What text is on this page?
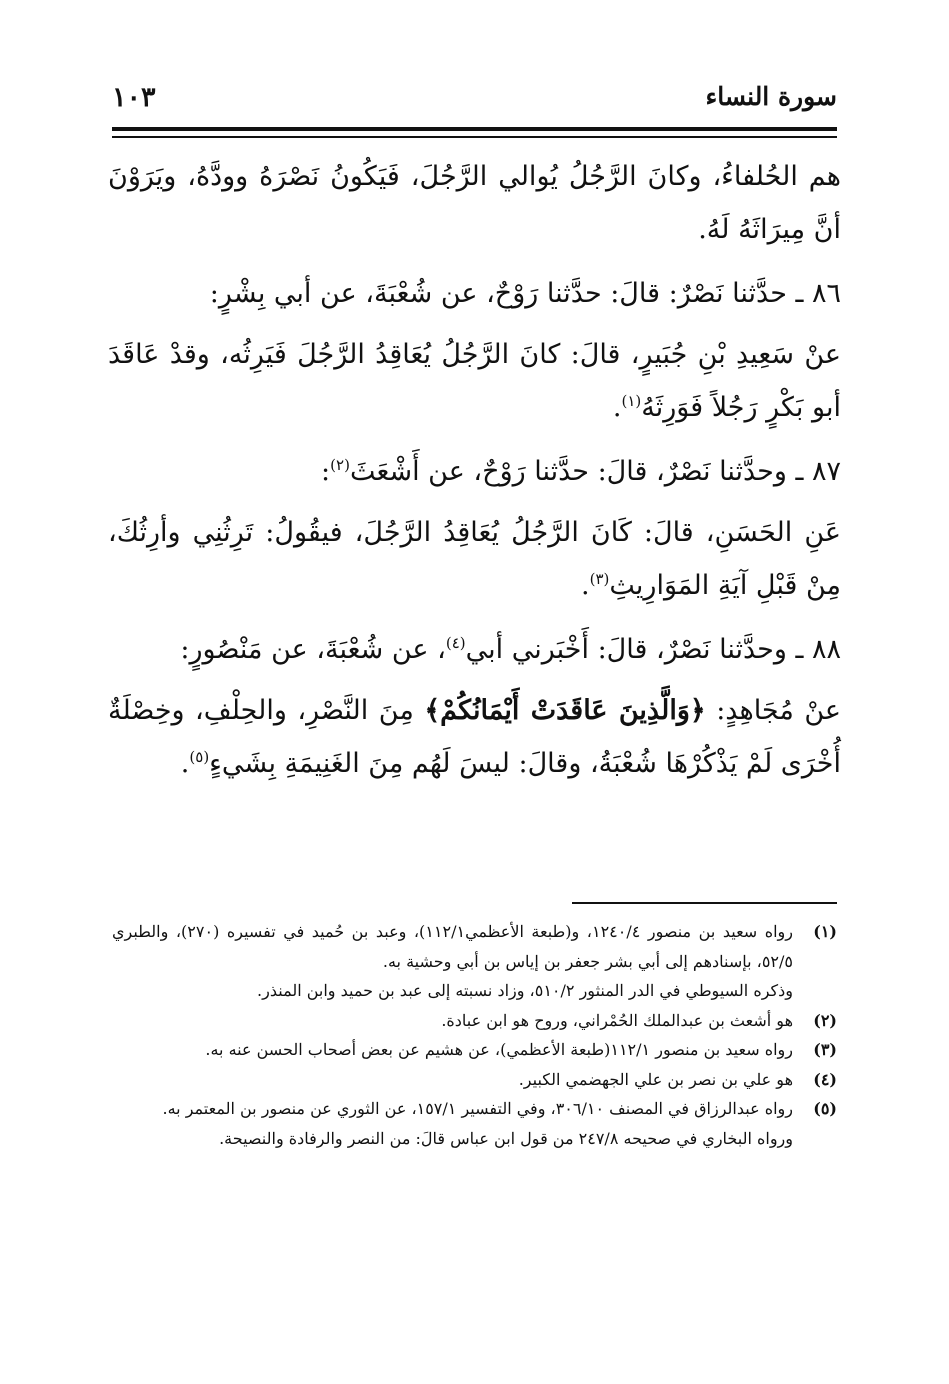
سورة النساء
١٠٣

هم الحُلفاءُ، وكانَ الرَّجُلُ يُوالي الرَّجُلَ، فَيَكُونُ نَصْرَهُ وودَّهُ، ويَرَوْنَ أنَّ مِيرَاثَهُ لَهُ.

٨٦ ـ حدَّثنا نَصْرٌ: قالَ: حدَّثنا رَوْحٌ، عن شُعْبَةَ، عن أبي بِشْرٍ:

عنْ سَعِيدِ بْنِ جُبَيرٍ، قالَ: كانَ الرَّجُلُ يُعَاقِدُ الرَّجُلَ فَيَرِثُه، وقدْ عَاقَدَ أبو بَكْرٍ رَجُلاً فَوَرِثَهُ$^{(١)}$.

٨٧ ـ وحدَّثنا نَصْرٌ، قالَ: حدَّثنا رَوْحٌ، عن أَشْعَثَ$^{(٢)}$:

عَنِ الحَسَنِ، قالَ: كَانَ الرَّجُلُ يُعَاقِدُ الرَّجُلَ، فيقُولُ: تَرِثُنِي وأرِثُكَ، مِنْ قَبْلِ آيَةِ المَوَارِيثِ$^{(٣)}$.

٨٨ ـ وحدَّثنا نَصْرٌ، قالَ: أَخْبَرني أبي$^{(٤)}$، عن شُعْبَةَ، عن مَنْصُورٍ:

عنْ مُجَاهِدٍ: ﴿وَالَّذِينَ عَاقَدَتْ أَيْمَانُكُمْ﴾ مِنَ النَّصْرِ، والحِلْفِ، وخِصْلَةٌ أُخْرَى لَمْ يَذْكُرْهَا شُعْبَةُ، وقالَ: ليسَ لَهُم مِنَ الغَنِيمَةِ بِشَيءٍ$^{(٥)}$.

(١)

رواه سعيد بن منصور ١٢٤٠/٤، و(طبعة الأعظمي١١٢/١)، وعبد بن حُميد في تفسيره (٢٧٠)، والطبري ٥٢/٥، بإسنادهم إلى أبي بشر جعفر بن إياس بن أبي وحشية به.

وذكره السيوطي في الدر المنثور ٥١٠/٢، وزاد نسبته إلى عبد بن حميد وابن المنذر.

(٢)

هو أشعث بن عبدالملك الحُمْراني، وروح هو ابن عبادة.

(٣)

رواه سعيد بن منصور ١١٢/١(طبعة الأعظمي)، عن هشيم عن بعض أصحاب الحسن عنه به.

(٤)

هو علي بن نصر بن علي الجهضمي الكبير.

(٥)

رواه عبدالرزاق في المصنف ٣٠٦/١٠، وفي التفسير ١٥٧/١، عن الثوري عن منصور بن المعتمر به.

ورواه البخاري في صحيحه ٢٤٧/٨ من قول ابن عباس قالَ: من النصر والرفادة والنصيحة.
